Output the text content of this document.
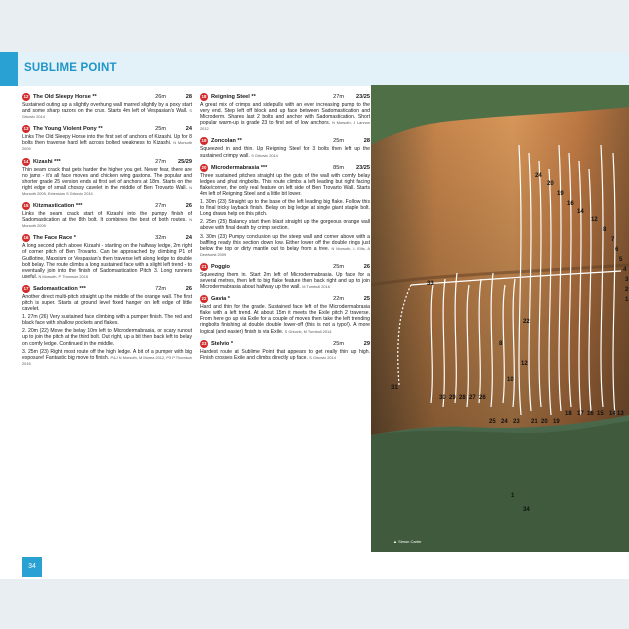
SUBLIME POINT
12 The Old Sleepy Horse **	26m	28
Sustained outing up a slightly overhung wall marred slightly by a poxy start and some sharp razors on the crux. Starts 4m left of Vespasian's Wall. S Grkovic 2014
13 The Young Violent Pony **	25m	24
Links The Old Sleepy Horse into the first set of anchors of Kizashi. Up for 8 bolts then traverse hard left across bolted weakness to Kizashi. N Morsoth 2009
14 Kizashi ***	27m	25/29
Thin seam crack that gets harder the higher you get. Never fear, there are no jams - it's all face moves and chicken wing gastons. The popular and shorter grade 25 version ends at first set of anchors at 18m. Starts on the right edge of small chossy cavelet in the middle of Ben Trovarto Wall. N Morsoth 2009, Extension S Grkovic 2014
15 Kitzmastication ***	27m	26
Links the seam crack start of Kizashi into the pumpy finish of Sadomastication at the 8th bolt. It combines the best of both routes. N Morsoth 2009
16 The Face Race *	32m	24
A long second pitch above Kizashi - starting on the halfway ledge, 2m right of corner pitch of Ben Trovarto. Can be approached by climbing P1 of Guillotine, Maxxism or Vespasian's then traverse left along ledge to double bolt belay. The route climbs a long sustained face with a slight left trend - to eventually join into the finish of Sadomastication Pitch 3. Long runners useful. N Morsoth, P Thomson 2015
17 Sadomastication ***	72m	26
Another direct multi-pitch straight up the middle of the orange wall. The first pitch is super. Starts at ground level fixed hanger on left edge of little cavelet.
1. 27m (26) Very sustained face climbing with a pumper finish. The red and black face with shallow pockets and flakes.
2. 20m (22) Move the belay 10m left to Microdermabrasia, or scary runout up to join the pitch at the third bolt. Out right, up a bit then back left to belay on comfy ledge. Continued in the middle.
3. 25m (23) Right most route off the high ledge. A bit of a pumper with big exposure! Fantastic big move to finish. P&J N Morsoth, M Morea 2012, P3 P Thomson 2015
18 Reigning Steel **	27m	23/25
A great mix of crimps and sidepulls with an ever increasing pump to the very end. Step left off block and up face between Sadomastication and Microderm. Shares last 2 bolts and anchor with Sadomastication. Short popular warm-up is grade 23 to first set of low anchors. N Morsoth, J Lannon 2012
19 Zoncolan **	25m	28
Squeezed in and thin. Up Reigning Steel for 3 bolts then left up the sustained crimpy wall. S Grkovic 2014
20 Microdermabrasia ***	85m	23/25
Three sustained pitches straight up the guts of the wall with comfy belay ledges and phat ringbolts. This route climbs a left leading but right facing flake/corner, the only real feature on left side of Ben Trovarto Wall. Starts 4m left of Reigning Steel and a little bit lower.
1. 30m (23) Straight up to the base of the left leading big flake. Follow this to final tricky layback finish. Belay on big ledge at single giant staple bolt. Long draws help on this pitch.
2. 25m (25) Balancy start then blast straight up the gorgeous orange wall above with final death by crimp section.
3. 30m (23) Pumpy conclusion up the steep wall and corner above with a baffling ready this section down low. Either lower off the double rings just below the top or dirty mantle out to belay from a tree. N Morsoth, L Ellis, A Dewhurst 2009
21 Poggio	25m	26
Squeezing them in. Start 2m left of Microdermabrasia. Up face for a several metres, then left to big flake feature then back right and up to join Microdermabrasia about halfway up the wall. M Tumbull 2016
22 Gavia *	22m	25
Hard and thin for the grade. Sustained face left of the Microdermabrasia flake with a left trend. At about 15m it meets the Exile pitch 2 traverse. From here go up via Exile for a couple of moves then take the left trending ringbolts finishing at double double lower-off (this is not a typo!). A more logical (and easier) finish is via Exile. S Grkovic, M Tumbull 2014
23 Stelvio *	25m	29
Hardest route at Sublime Point that appears to get really thin up high. Finish crosses Exile and climbs directly up face. S Grkovic 2014
33
24
20
19
16
14
12
8
7
6
5
4
3
2
1
31
30 29 28 27 26
25 24 23
22
21 20 19
18 17 16 15 14 13
12
10
8
1
34
▲ Simon Carter
34
